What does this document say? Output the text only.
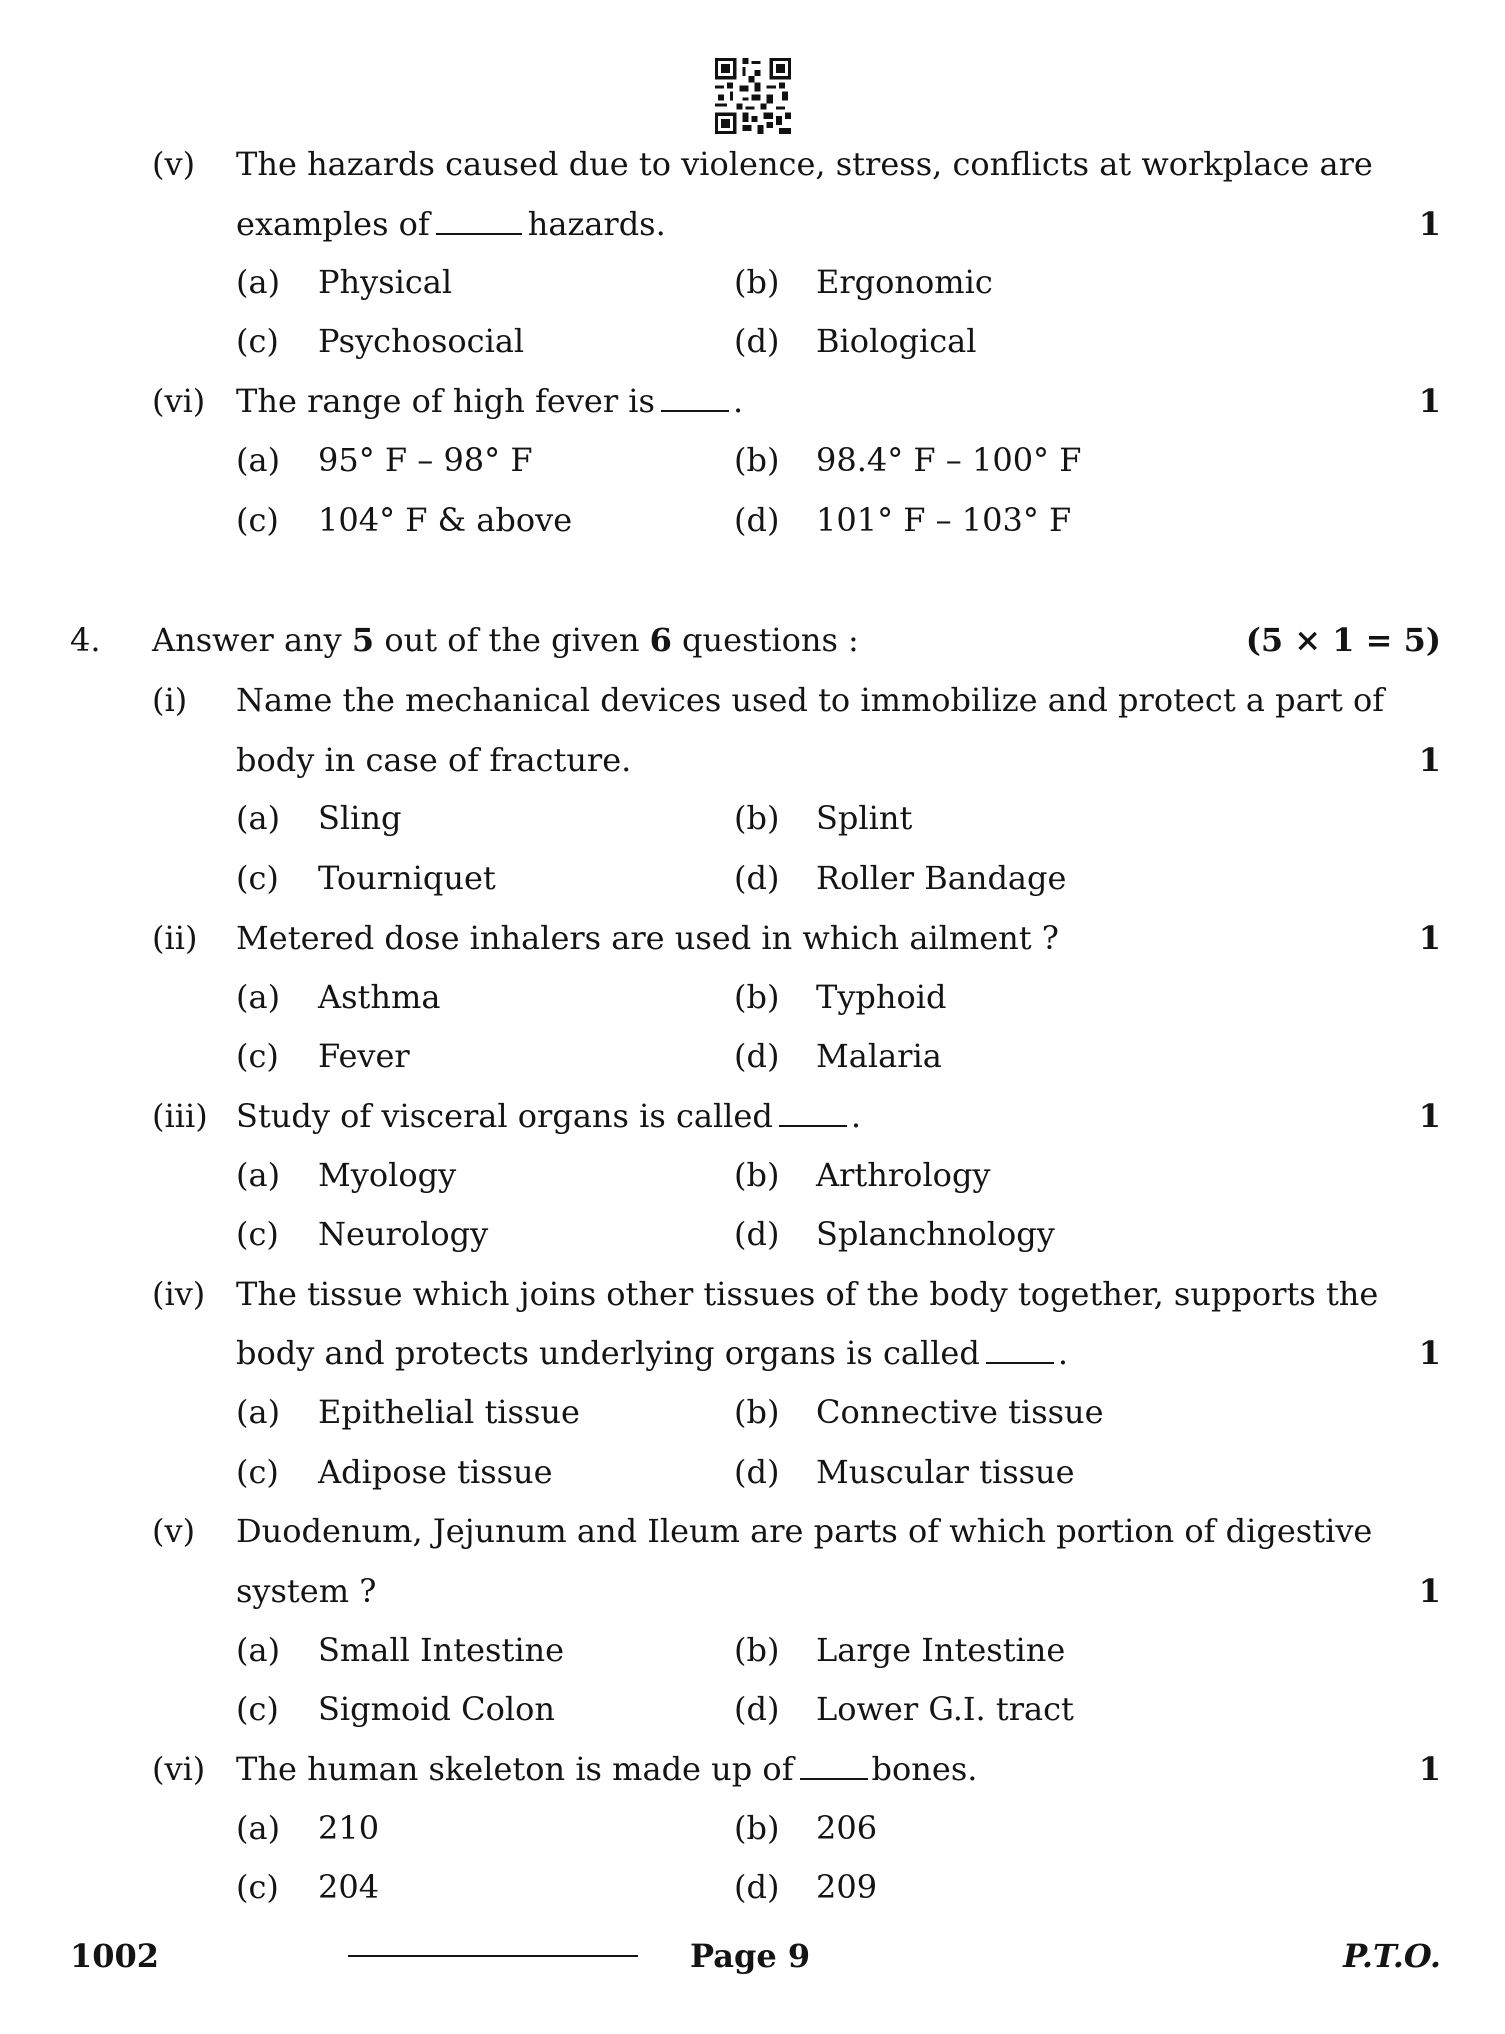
(v) The hazards caused due to violence, stress, conflicts at workplace are
examples of	hazards.	1
(a) Physical	(b) Ergonomic
(c) Psychosocial	(d) Biological
(vi) The range of high fever is .	1
(a) 95° F – 98° F	(b) 98.4° F – 100° F
(c) 104° F & above	(d) 101° F – 103° F
4. Answer any 5 out of the given 6 questions :	(5 × 1 = 5)
(i) Name the mechanical devices used to immobilize and protect a part of
body in case of fracture.	1
(a) Sling	(b) Splint
(c) Tourniquet	(d) Roller Bandage
(ii) Metered dose inhalers are used in which ailment ?	1
(a) Asthma	(b) Typhoid
(c) Fever	(d) Malaria
(iii) Study of visceral organs is called .	1
(a) Myology	(b) Arthrology
(c) Neurology	(d) Splanchnology
(iv) The tissue which joins other tissues of the body together, supports the
body and protects underlying organs is called .	1
(a) Epithelial tissue	(b) Connective tissue
(c) Adipose tissue	(d) Muscular tissue
(v) Duodenum, Jejunum and Ileum are parts of which portion of digestive
system ?	1
(a) Small Intestine	(b) Large Intestine
(c) Sigmoid Colon	(d) Lower G.I. tract
(vi) The human skeleton is made up of bones.	1
(a) 210	(b) 206
(c) 204	(d) 209
1002	Page 9	P.T.O.
